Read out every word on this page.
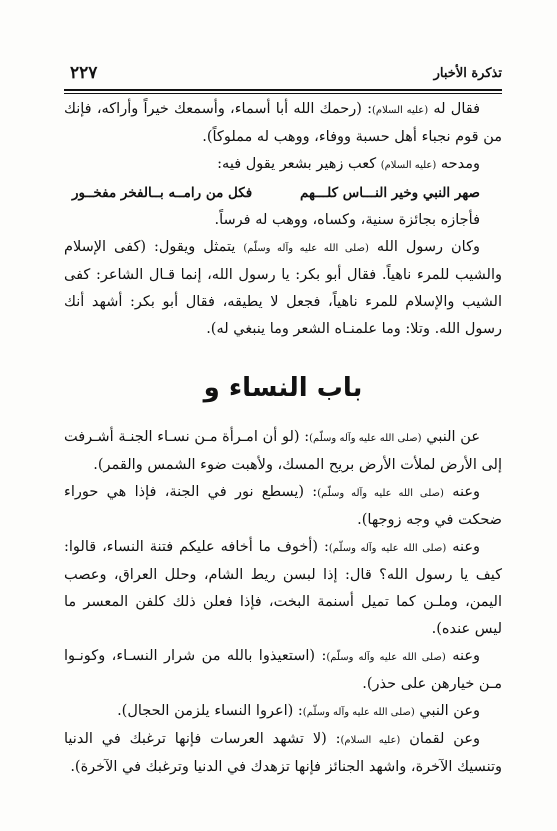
تذكرة الأخبار
٢٢٧

فقال له (عليه السلام): (رحمك الله أبا أسماء، وأسمعك خيراً وأراكه، فإنك من قوم نجباء أهل حسبة ووفاء، ووهب له مملوكاً).

ومدحه (عليه السلام) كعب زهير بشعر يقول فيه:

صهر النبي وخير النـــاس كلـــهم
فكل من رامــه بــالفخر مفخــور

فأجازه بجائزة سنية، وكساه، ووهب له فرساً.

وكان رسول الله (صلى الله عليه وآله وسلّم) يتمثل ويقول: (كفى الإسلام والشيب للمرء ناهياً. فقال أبو بكر: يا رسول الله، إنما قـال الشاعر: كفى الشيب والإسلام للمرء ناهياً، فجعل لا يطيقه، فقال أبو بكر: أشهد أنك رسول الله. وتلا: وما علمنـاه الشعر وما ينبغي له).

باب النساء و

عن النبي (صلى الله عليه وآله وسلّم): (لو أن امـرأة مـن نسـاء الجنـة أشـرفت إلى الأرض لملأت الأرض بريح المسك، ولأهبت ضوء الشمس والقمر).

وعنه (صلى الله عليه وآله وسلّم): (يسطع نور في الجنة، فإذا هي حوراء ضحكت في وجه زوجها).

وعنه (صلى الله عليه وآله وسلّم): (أخوف ما أخافه عليكم فتنة النساء، قالوا: كيف يا رسول الله؟ قال: إذا لبسن ريط الشام، وحلل العراق، وعصب اليمن، وملـن كما تميل أسنمة البخت، فإذا فعلن ذلك كلفن المعسر ما ليس عنده).

وعنه (صلى الله عليه وآله وسلّم): (استعيذوا بالله من شرار النسـاء، وكونـوا مـن خيارهن على حذر).

وعن النبي (صلى الله عليه وآله وسلّم): (اعروا النساء يلزمن الحجال).

وعن لقمان (عليه السلام): (لا تشهد العرسات فإنها ترغبك في الدنيا وتنسيك الآخرة، واشهد الجنائز فإنها تزهدك في الدنيا وترغبك في الآخرة).
